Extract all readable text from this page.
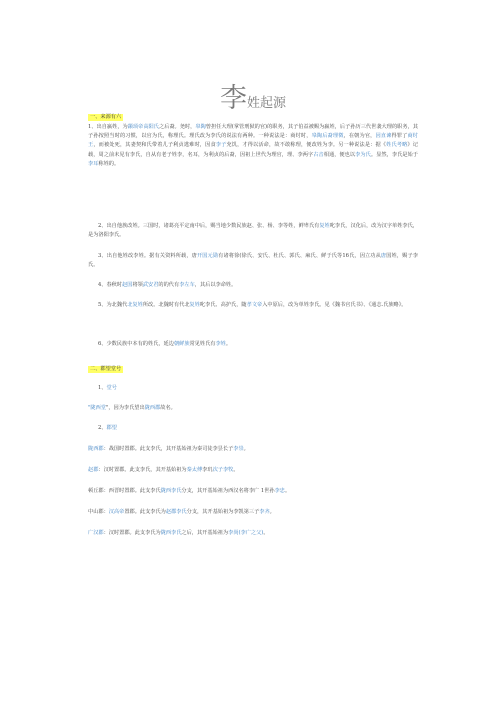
李姓起源
一、来源有六
1、出自嬴姓，为颛顼帝高阳氏之后裔。尧时，皋陶曾担任大理(掌管刑狱的官)的职务，其子伯益被赐为嬴姓，后子孙历三代世袭大理的职务，其子孙按照当时的习惯，以官为氏，称理氏。理氏改为李氏的说法有两种。一种说法是：商纣时，皋陶后裔理徵，在朝为官，因直谏得罪了商纣王，而被处死，其妻契和氏带着儿子利贞逃难时，因食李子充饥，才得以活命，故不敢称理，便改姓为李。另一种说法是：据《姓氏考略》记载，周之前未见有李氏，自从有老子姓李，名耳，为利贞的后裔，因祖上世代为理官，理、李两字古音相通，便也以李为氏。显然，李氏是始于李耳称姓的。
2、出自他族改姓。三国时，诸葛亮平定南中后，赐当地少数民族赵、张、杨、李等姓，鲜卑氏有复姓叱李氏，汉化后，改为汉字单姓李氏，是为洛阳李氏。
3、出自他姓改李姓。据有关资料所载，唐开国元勋有诸将徐(徐氏、安氏、杜氏、郭氏、麻氏、鲜于氏等16氏，因立功从唐国姓，赐子李氏。
4、春秋时赵国将领武安君的的代有李左车，其后以李命姓。
5、为北魏代北复姓所改。北魏时有代北复姓叱李氏、高护氏，随孝文帝入中原后，改为单姓李氏。见《魏书官氏书》、《通志.氏族略》。
6、少数民族中本有的姓氏，延边朝鲜族常见姓氏有李姓。
二、郡望堂号
1、堂号
"陇西堂"，因为李氏望出陇西郡故名。
2、郡望
陇西郡：战国时置郡。此支李氏，其开基始祖为秦司徒李昙长子李崇。
赵郡：汉时置郡。此支李氏，其开基始祖为秦太傅李玑次子李牧。
顿丘郡：西晋时置郡。此支李氏陇西李氏分支，其开基始祖为西汉名将李广 1世孙李忠。
中山郡：汉高帝置郡。此支李氏为赵郡李氏分支，其开基始祖为李凯第三子李齐。
广汉郡：汉时置郡。此支李氏为陇西李氏之后，其开基始祖为李尚(李广之父)。
